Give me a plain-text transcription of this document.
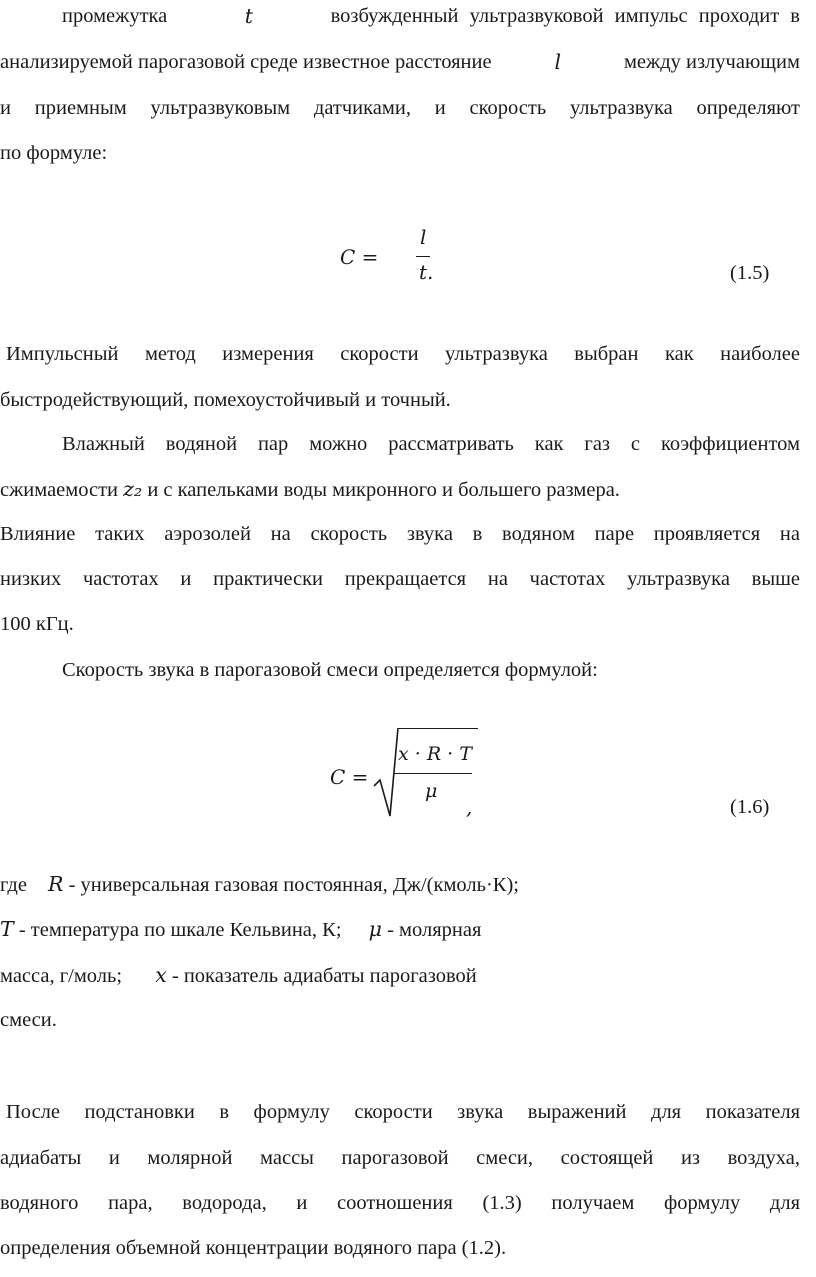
промежутка	t	возбужденный ультразвуковой импульс проходит в
анализируемой парогазовой среде известное расстояние	l	между излучающим
и приемным ультразвуковым датчиками, и скорость ультразвука определяют
по формуле:
C =
l
t.	(1.5)
Импульсный метод измерения скорости ультразвука выбран как наиболее
быстродействующий, помехоустойчивый и точный.
Влажный водяной пар можно рассматривать как газ с коэффициентом
сжимаемости z₂ и с капельками воды микронного и большего размера.
Влияние таких аэрозолей на скорость звука в водяном паре проявляется на
низких частотах и практически прекращается на частотах ультразвука выше
100 кГц.
Скорость звука в парогазовой смеси определяется формулой:
C =
x · R · T
μ
,	(1.6)
где R - универсальная газовая постоянная, Дж/(кмоль·К);
T - температура по шкале Кельвина, К; μ - молярная
масса, г/моль; x - показатель адиабаты парогазовой
смеси.
После подстановки в формулу скорости звука выражений для показателя
адиабаты и молярной массы парогазовой смеси, состоящей из воздуха,
водяного пара, водорода, и соотношения (1.3) получаем формулу для
определения объемной концентрации водяного пара (1.2).
